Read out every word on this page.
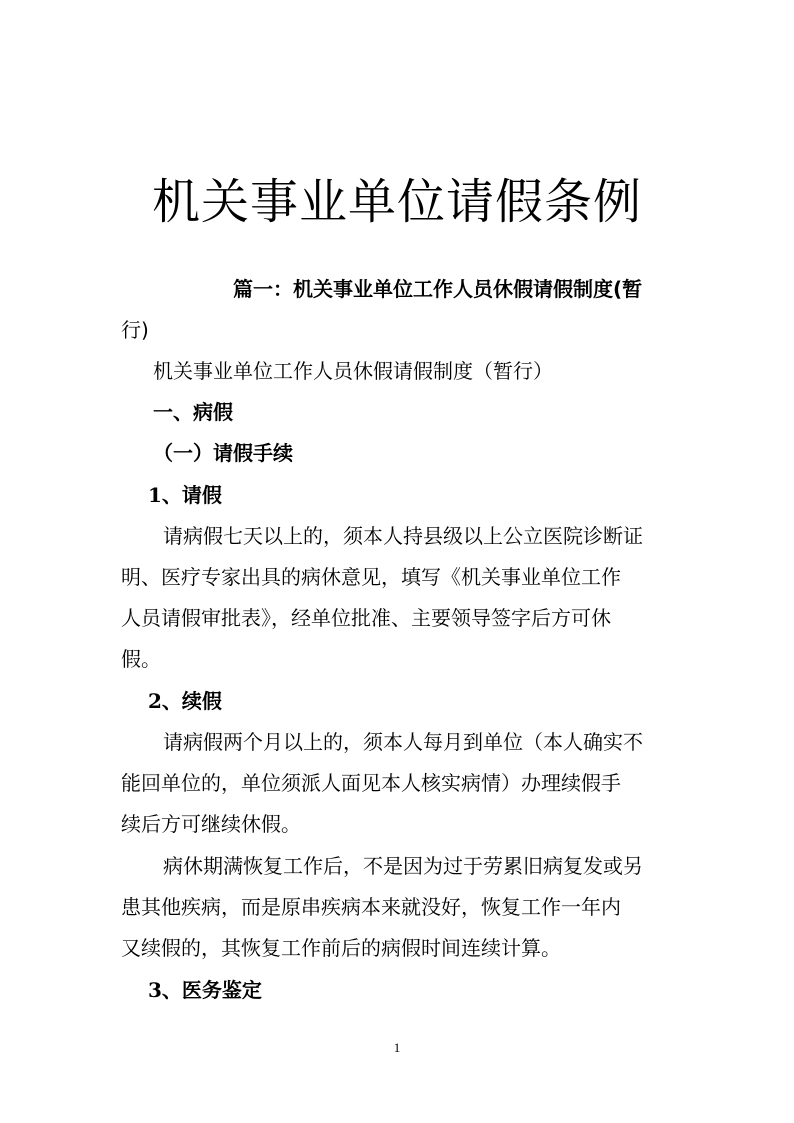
机关事业单位请假条例
篇一：机关事业单位工作人员休假请假制度(暂
行)
机关事业单位工作人员休假请假制度（暂行）
一、病假
（一）请假手续
1、请假
请病假七天以上的，须本人持县级以上公立医院诊断证
明、医疗专家出具的病休意见，填写《机关事业单位工作
人员请假审批表》，经单位批准、主要领导签字后方可休
假。
2、续假
请病假两个月以上的，须本人每月到单位（本人确实不
能回单位的，单位须派人面见本人核实病情）办理续假手
续后方可继续休假。
病休期满恢复工作后，不是因为过于劳累旧病复发或另
患其他疾病，而是原串疾病本来就没好，恢复工作一年内
又续假的，其恢复工作前后的病假时间连续计算。
3、医务鉴定
1
